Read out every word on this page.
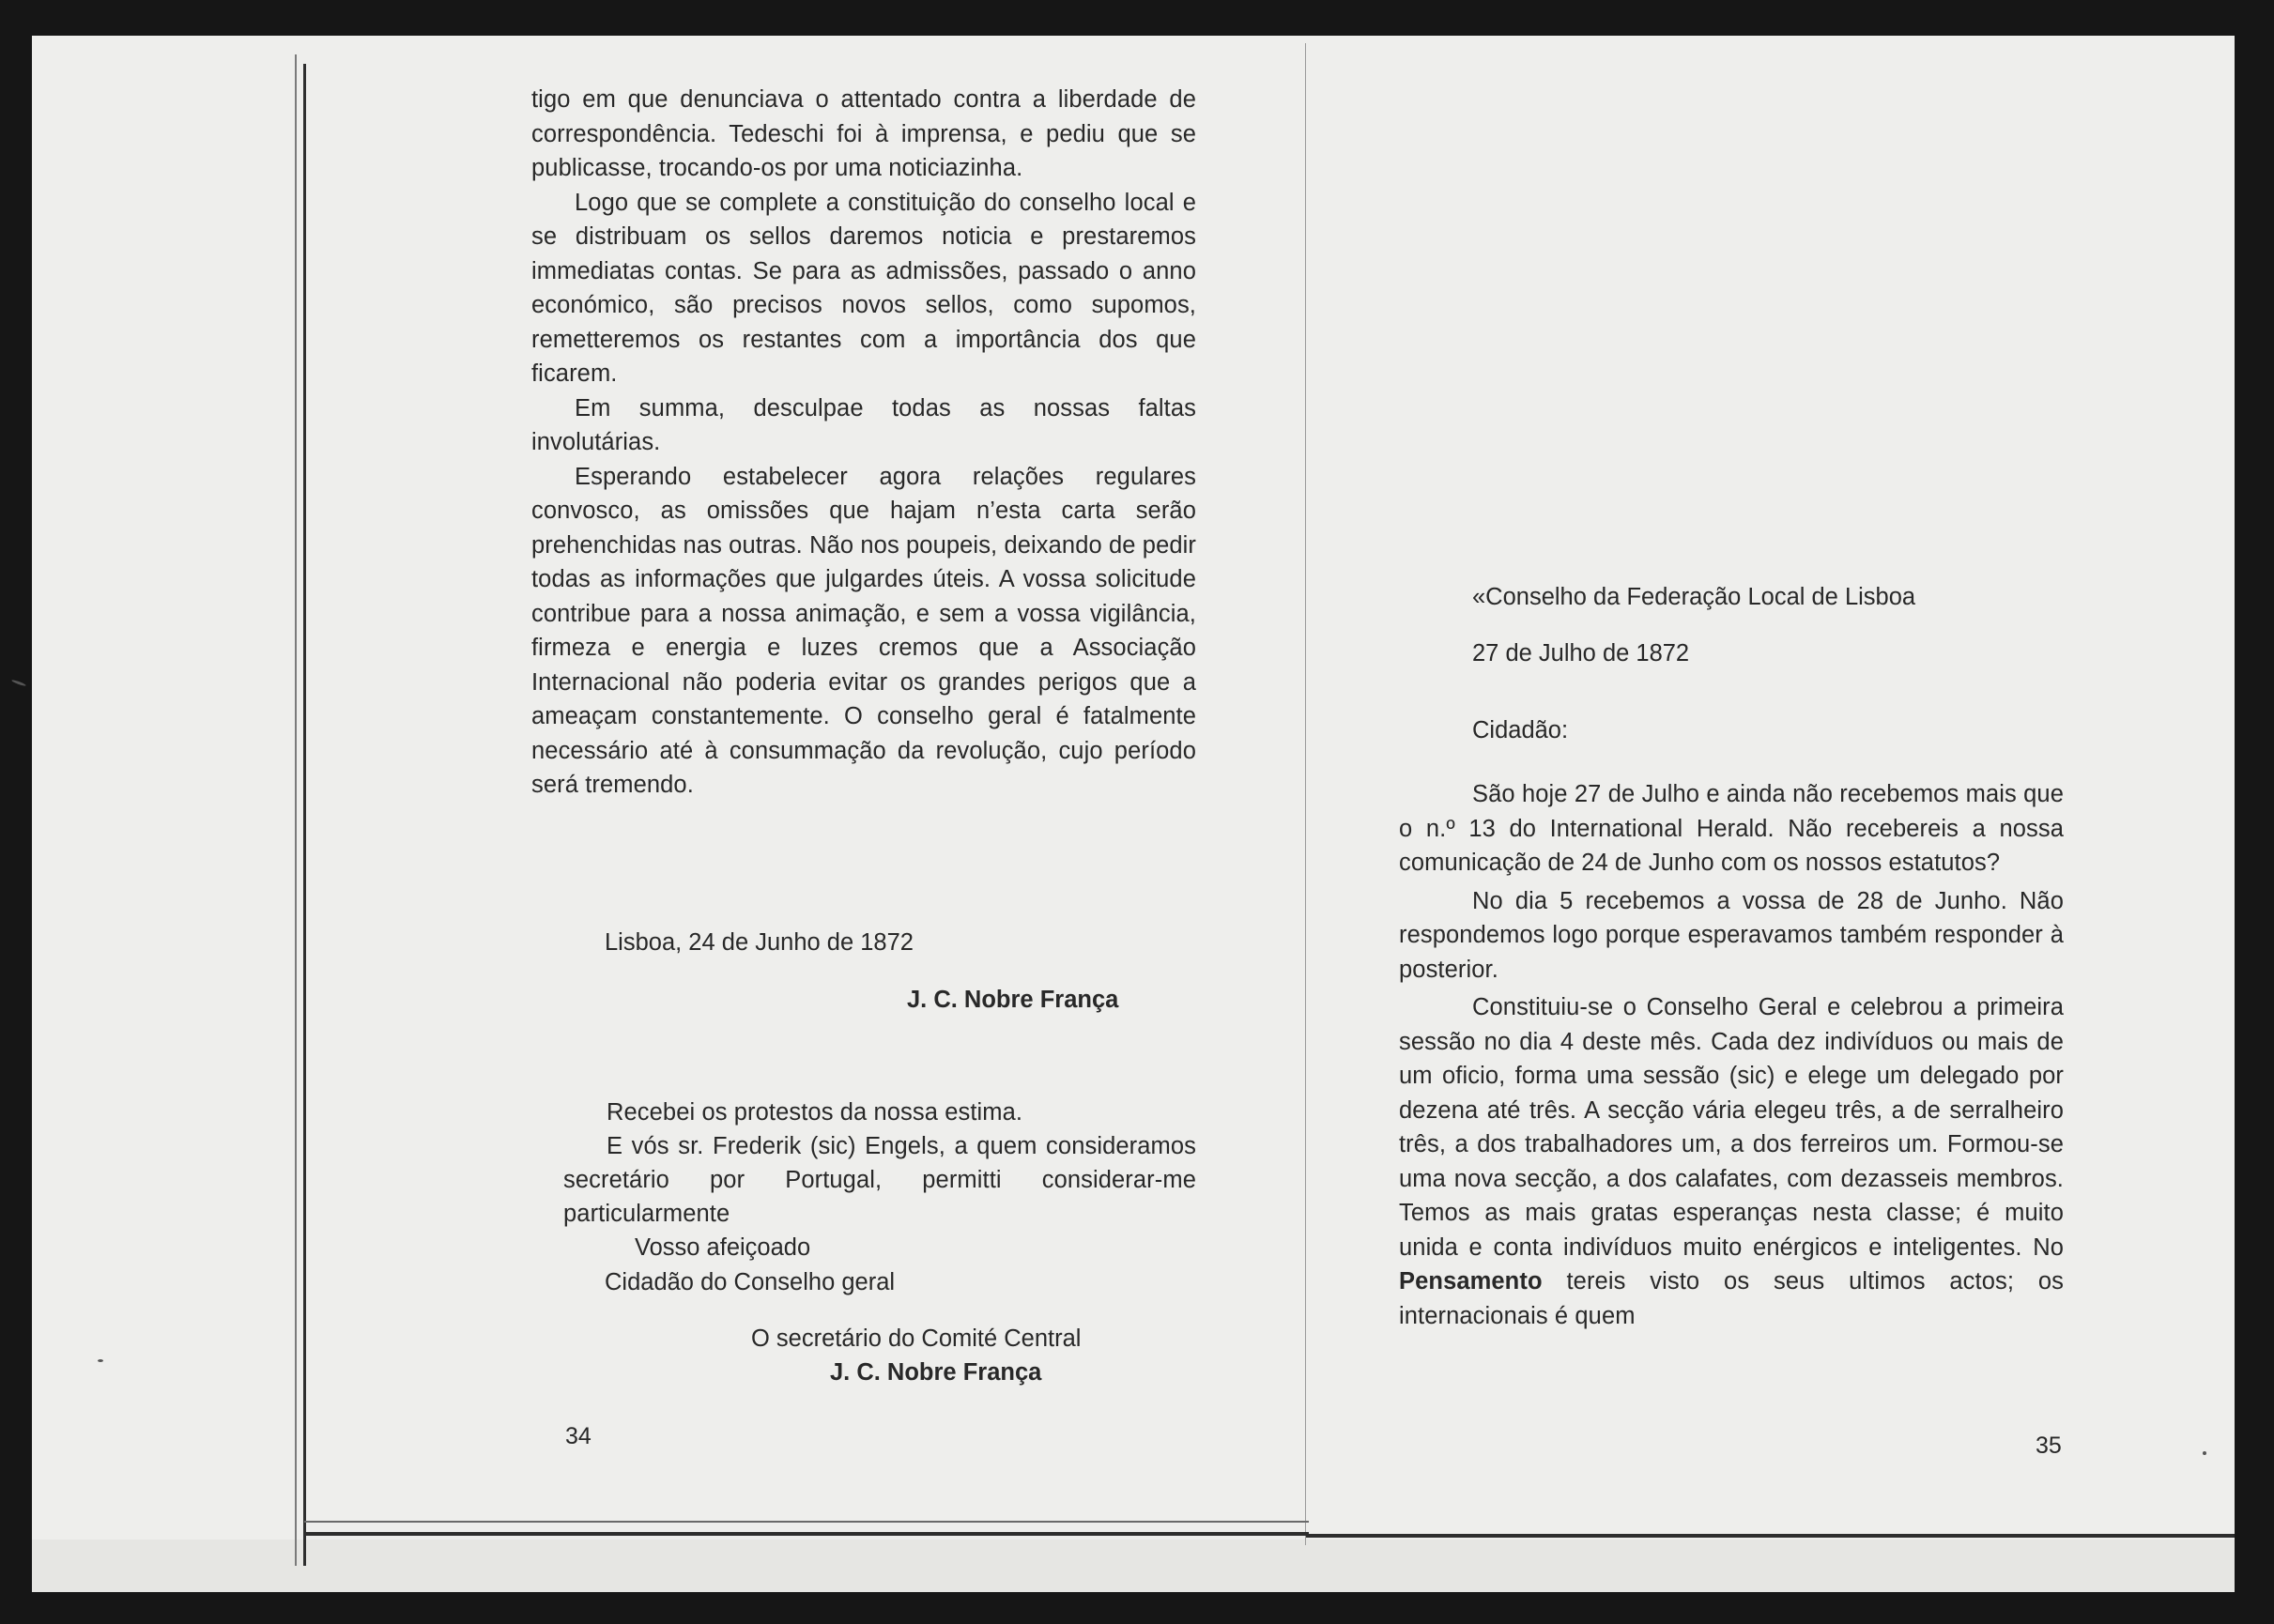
tigo em que denunciava o attentado contra a liberdade de correspondência. Tedeschi foi à imprensa, e pediu que se publicasse, trocando-os por uma noticiazinha.

Logo que se complete a constituição do conselho local e se distribuam os sellos daremos noticia e prestaremos immediatas contas. Se para as admissões, passado o anno económico, são precisos novos sellos, como supomos, remetteremos os restantes com a importância dos que ficarem.

Em summa, desculpae todas as nossas faltas involutárias.

Esperando estabelecer agora relações regulares convosco, as omissões que hajam n’esta carta serão prehenchidas nas outras. Não nos poupeis, deixando de pedir todas as informações que julgardes úteis. A vossa solicitude contribue para a nossa animação, e sem a vossa vigilância, firmeza e energia e luzes cremos que a Associação Internacional não poderia evitar os grandes perigos que a ameaçam constantemente. O conselho geral é fatalmente necessário até à consummação da revolução, cujo período será tremendo.

Lisboa, 24 de Junho de 1872
J. C. Nobre França

Recebei os protestos da nossa estima.

E vós sr. Frederik (sic) Engels, a quem consideramos secretário por Portugal, permitti considerar-me particularmente

Vosso afeiçoado
Cidadão do Conselho geral
O secretário do Comité Central
J. C. Nobre França
34
«Conselho da Federação Local de Lisboa
27 de Julho de 1872
Cidadão:

São hoje 27 de Julho e ainda não recebemos mais que o n.º 13 do International Herald. Não recebereis a nossa comunicação de 24 de Junho com os nossos estatutos?

No dia 5 recebemos a vossa de 28 de Junho. Não respondemos logo porque esperavamos também responder à posterior.

Constituiu-se o Conselho Geral e celebrou a primeira sessão no dia 4 deste mês. Cada dez indivíduos ou mais de um oficio, forma uma sessão (sic) e elege um delegado por dezena até três. A secção vária elegeu três, a de serralheiro três, a dos trabalhadores um, a dos ferreiros um. Formou-se uma nova secção, a dos calafates, com dezasseis membros. Temos as mais gratas esperanças nesta classe; é muito unida e conta indivíduos muito enérgicos e inteligentes. No Pensamento tereis visto os seus ultimos actos; os internacionais é quem

35
